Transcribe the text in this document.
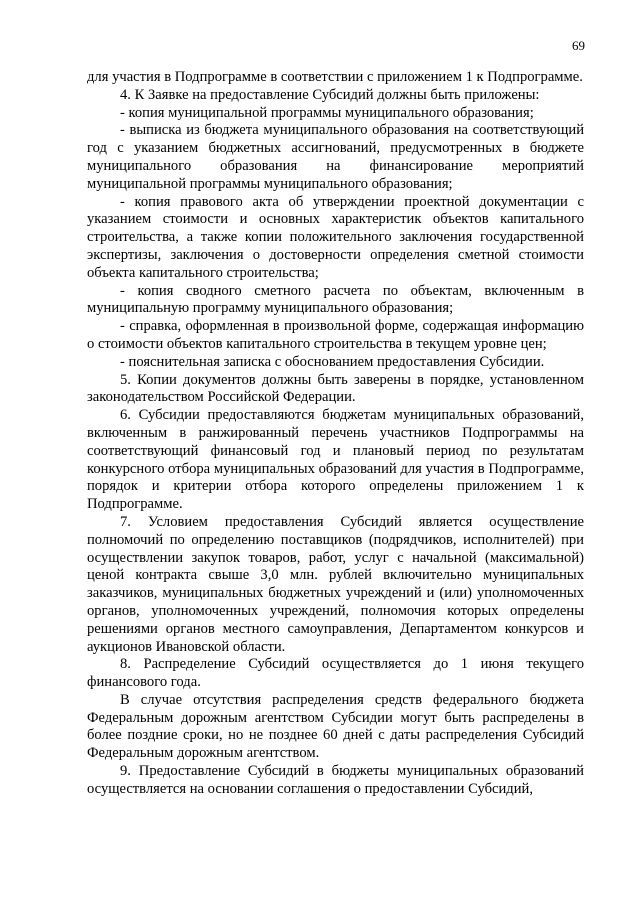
69

для участия в Подпрограмме в соответствии с приложением 1 к Подпрограмме.

4. К Заявке на предоставление Субсидий должны быть приложены:

- копия муниципальной программы муниципального образования;

- выписка из бюджета муниципального образования на соответствующий год с указанием бюджетных ассигнований, предусмотренных в бюджете муниципального образования на финансирование мероприятий муниципальной программы муниципального образования;

- копия правового акта об утверждении проектной документации с указанием стоимости и основных характеристик объектов капитального строительства, а также копии положительного заключения государственной экспертизы, заключения о достоверности определения сметной стоимости объекта капитального строительства;

- копия сводного сметного расчета по объектам, включенным в муниципальную программу муниципального образования;

- справка, оформленная в произвольной форме, содержащая информацию о стоимости объектов капитального строительства в текущем уровне цен;

- пояснительная записка с обоснованием предоставления Субсидии.

5. Копии документов должны быть заверены в порядке, установленном законодательством Российской Федерации.

6. Субсидии предоставляются бюджетам муниципальных образований, включенным в ранжированный перечень участников Подпрограммы на соответствующий финансовый год и плановый период по результатам конкурсного отбора муниципальных образований для участия в Подпрограмме, порядок и критерии отбора которого определены приложением 1 к Подпрограмме.

7. Условием предоставления Субсидий является осуществление полномочий по определению поставщиков (подрядчиков, исполнителей) при осуществлении закупок товаров, работ, услуг с начальной (максимальной) ценой контракта свыше 3,0 млн. рублей включительно муниципальных заказчиков, муниципальных бюджетных учреждений и (или) уполномоченных органов, уполномоченных учреждений, полномочия которых определены решениями органов местного самоуправления, Департаментом конкурсов и аукционов Ивановской области.

8. Распределение Субсидий осуществляется до 1 июня текущего финансового года.

В случае отсутствия распределения средств федерального бюджета Федеральным дорожным агентством Субсидии могут быть распределены в более поздние сроки, но не позднее 60 дней с даты распределения Субсидий Федеральным дорожным агентством.

9. Предоставление Субсидий в бюджеты муниципальных образований осуществляется на основании соглашения о предоставлении Субсидий,
